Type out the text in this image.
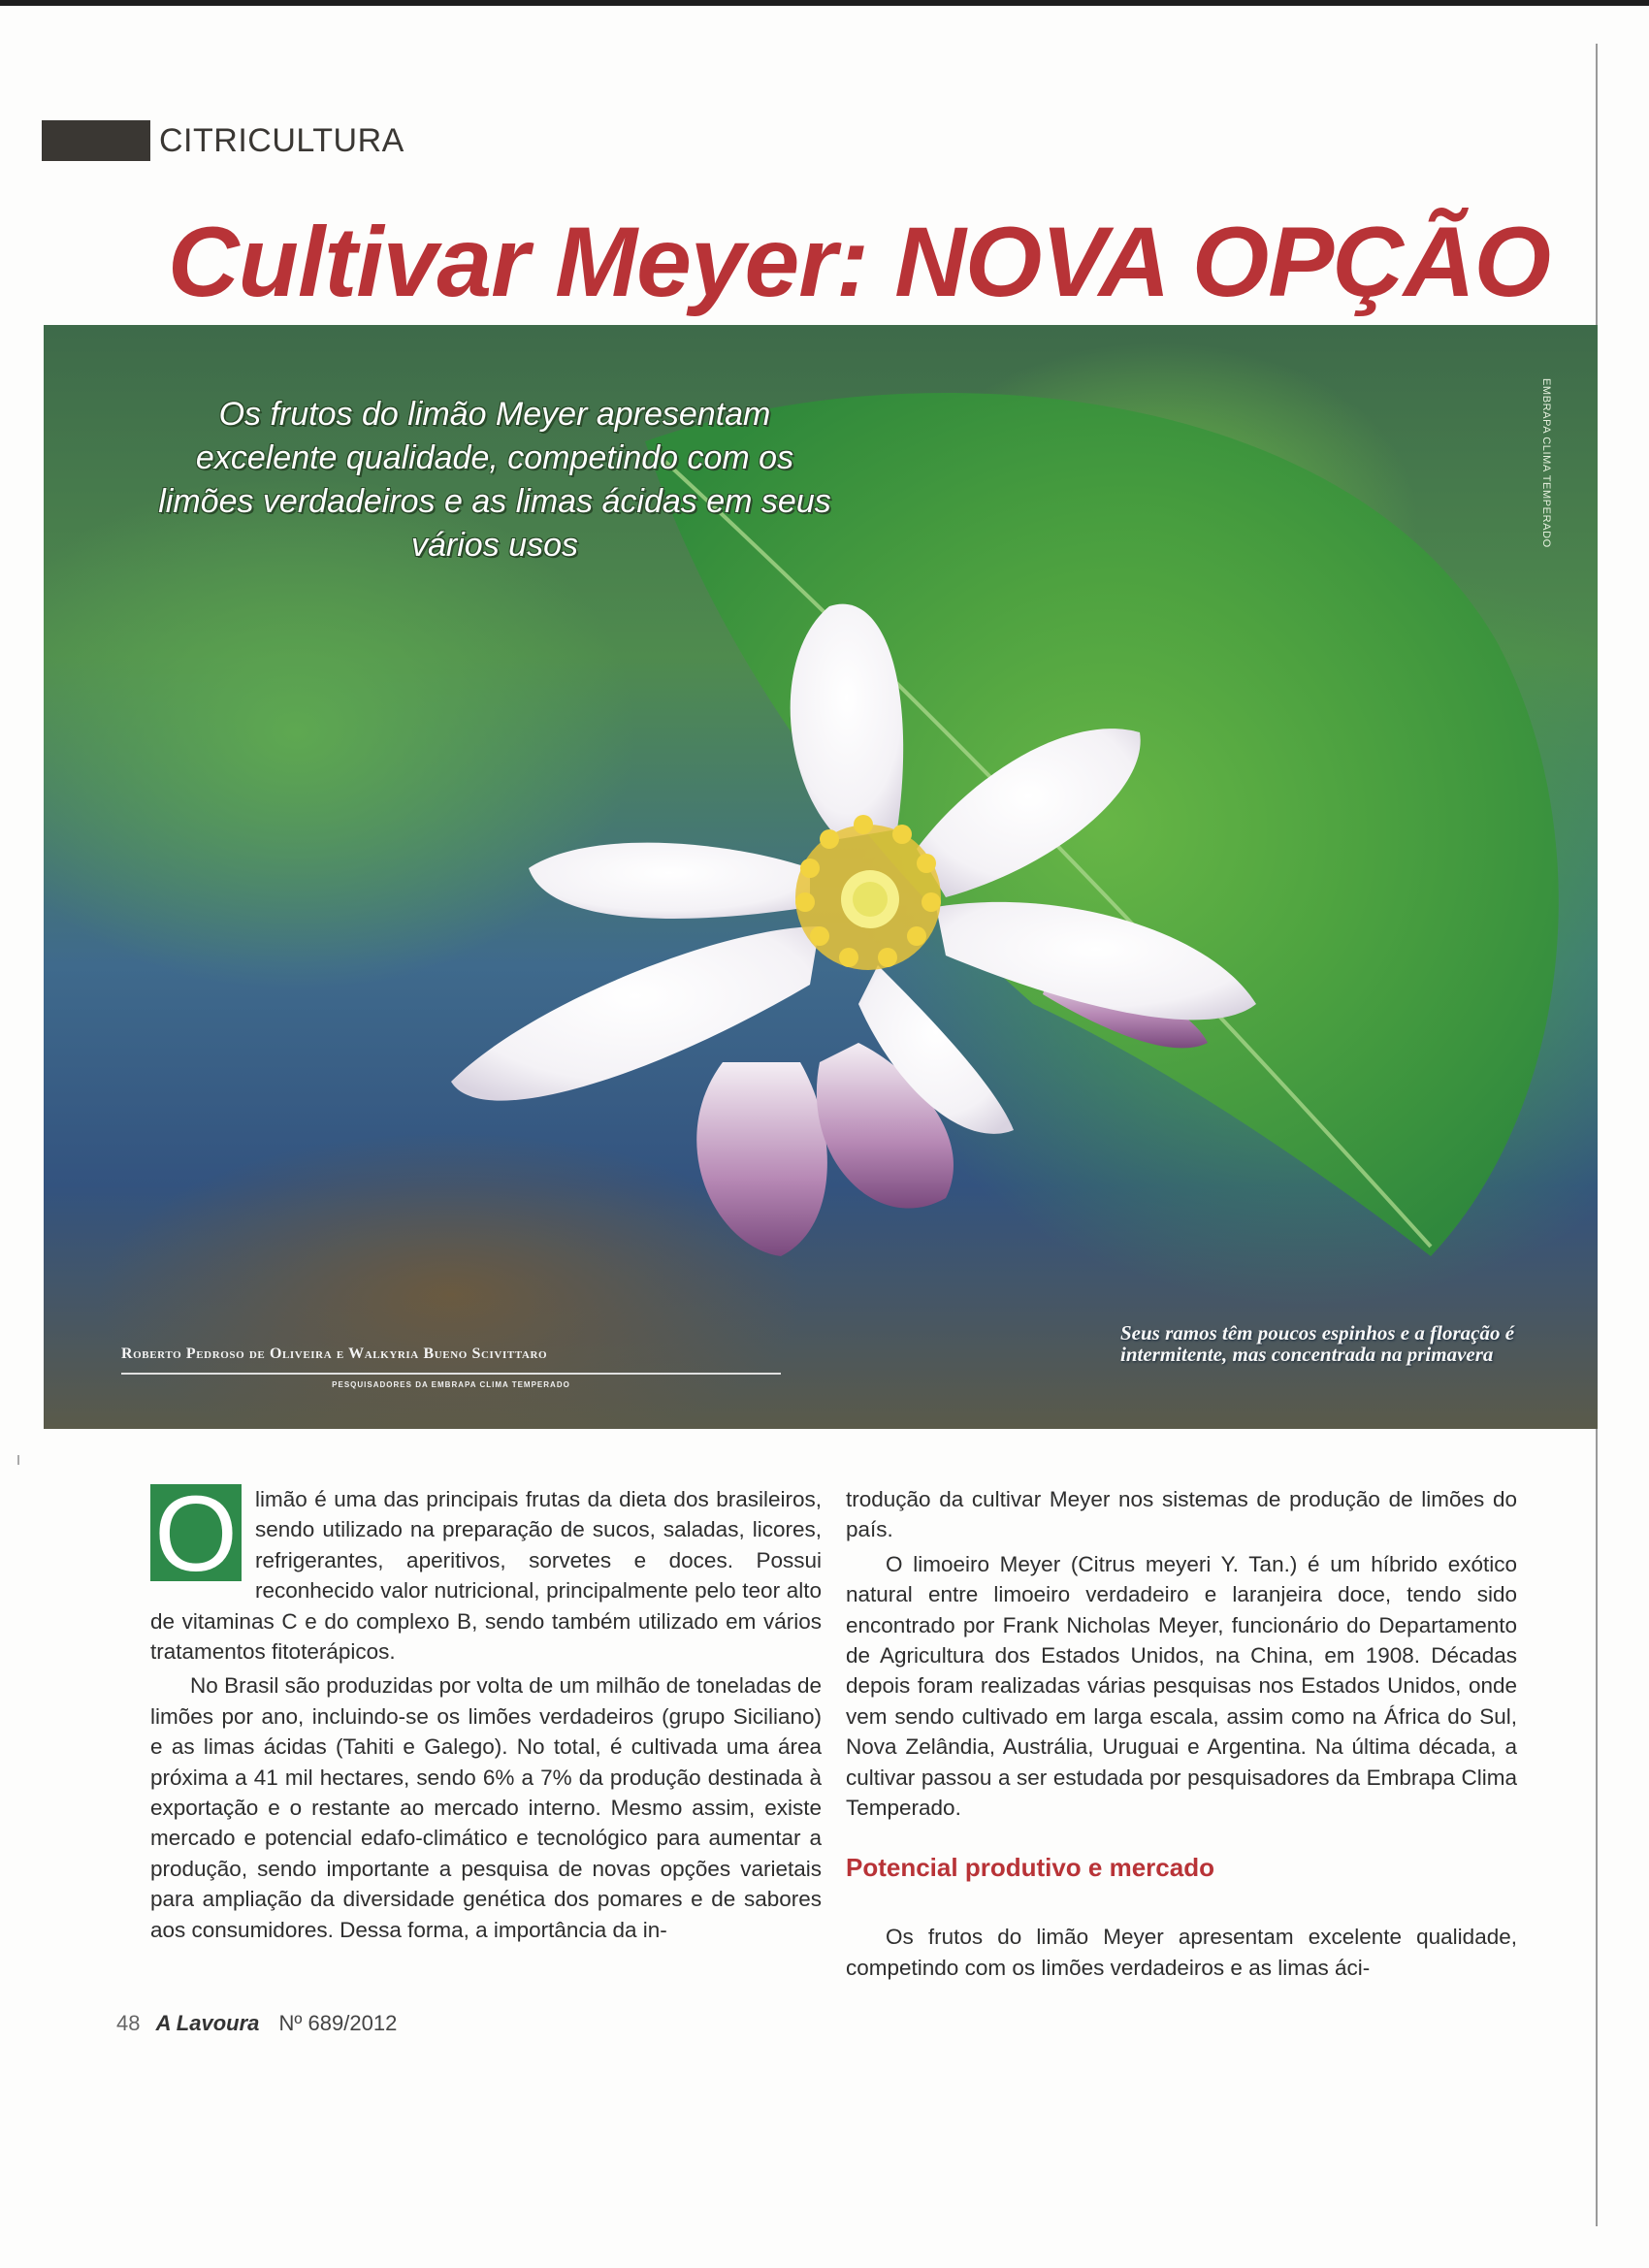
CITRICULTURA
Cultivar Meyer: NOVA OPÇÃO
Os frutos do limão Meyer apresentam excelente qualidade, competindo com os limões verdadeiros e as limas ácidas em seus vários usos	EMBRAPA CLIMA TEMPERADO
Roberto Pedroso de Oliveira e Walkyria Bueno Scivittaro
PESQUISADORES DA EMBRAPA CLIMA TEMPERADO
Seus ramos têm poucos espinhos e a floração é intermitente, mas concentrada na primavera

O limão é uma das principais frutas da dieta dos brasileiros, sendo utilizado na preparação de sucos, saladas, licores, refrigerantes, aperitivos, sorvetes e doces. Possui reconhecido valor nutricional, principalmente pelo teor alto de vitaminas C e do complexo B, sendo também utilizado em vários tratamentos fitoterápicos.

No Brasil são produzidas por volta de um milhão de toneladas de limões por ano, incluindo-se os limões verdadeiros (grupo Siciliano) e as limas ácidas (Tahiti e Galego). No total, é cultivada uma área próxima a 41 mil hectares, sendo 6% a 7% da produção destinada à exportação e o restante ao mercado interno. Mesmo assim, existe mercado e potencial edafo-climático e tecnológico para aumentar a produção, sendo importante a pesquisa de novas opções varietais para ampliação da diversidade genética dos pomares e de sabores aos consumidores. Dessa forma, a importância da in-

trodução da cultivar Meyer nos sistemas de produção de limões do país.

O limoeiro Meyer (Citrus meyeri Y. Tan.) é um híbrido exótico natural entre limoeiro verdadeiro e laranjeira doce, tendo sido encontrado por Frank Nicholas Meyer, funcionário do Departamento de Agricultura dos Estados Unidos, na China, em 1908. Décadas depois foram realizadas várias pesquisas nos Estados Unidos, onde vem sendo cultivado em larga escala, assim como na África do Sul, Nova Zelândia, Austrália, Uruguai e Argentina. Na última década, a cultivar passou a ser estudada por pesquisadores da Embrapa Clima Temperado.

Potencial produtivo e mercado

Os frutos do limão Meyer apresentam excelente qualidade, competindo com os limões verdadeiros e as limas áci-

48 A Lavoura Nº 689/2012
